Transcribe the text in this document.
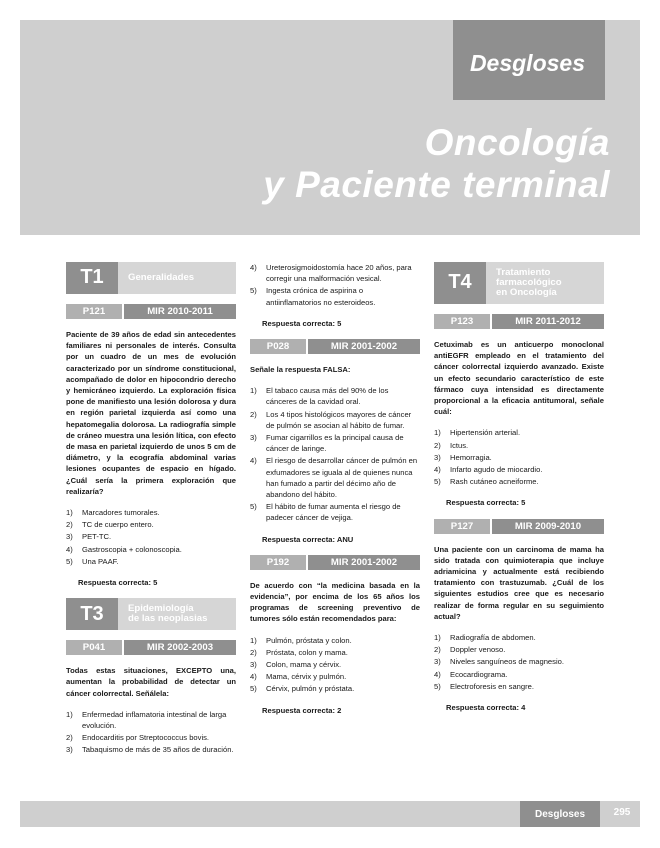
Desgloses
Oncología
y Paciente terminal
T1	Generalidades
P121	MIR 2010-2011

Paciente de 39 años de edad sin antecedentes familiares ni personales de interés. Consulta por un cuadro de un mes de evolución caracterizado por un síndrome constitucional, acompañado de dolor en hipocondrio derecho y hemicráneo izquierdo. La exploración física pone de manifiesto una lesión dolorosa y dura en región parietal izquierda así como una hepatomegalia dolorosa. La radiografía simple de cráneo muestra una lesión lítica, con efecto de masa en parietal izquierdo de unos 5 cm de diámetro, y la ecografía abdominal varias lesiones ocupantes de espacio en hígado. ¿Cuál sería la primera exploración que realizaría?

1)	Marcadores tumorales.
2)	TC de cuerpo entero.
3)	PET-TC.
4)	Gastroscopia + colonoscopia.
5)	Una PAAF.
Respuesta correcta: 5
T3	Epidemiología
de las neoplasias
P041	MIR 2002-2003

Todas estas situaciones, EXCEPTO una, aumentan la probabilidad de detectar un cáncer colorrectal. Señálela:

1)	Enfermedad inflamatoria intestinal de larga evolución.
2)	Endocarditis por Streptococcus bovis.
3)	Tabaquismo de más de 35 años de duración.
4)	Ureterosigmoidostomía hace 20 años, para corregir una malformación vesical.
5)	Ingesta crónica de aspirina o antiinflamatorios no esteroideos.
Respuesta correcta: 5
P028	MIR 2001-2002

Señale la respuesta FALSA:

1)	El tabaco causa más del 90% de los cánceres de la cavidad oral.
2)	Los 4 tipos histológicos mayores de cáncer de pulmón se asocian al hábito de fumar.
3)	Fumar cigarrillos es la principal causa de cáncer de laringe.
4)	El riesgo de desarrollar cáncer de pulmón en exfumadores se iguala al de quienes nunca han fumado a partir del décimo año de abandono del hábito.
5)	El hábito de fumar aumenta el riesgo de padecer cáncer de vejiga.
Respuesta correcta: ANU
P192	MIR 2001-2002

De acuerdo con “la medicina basada en la evidencia”, por encima de los 65 años los programas de screening preventivo de tumores sólo están recomendados para:

1)	Pulmón, próstata y colon.
2)	Próstata, colon y mama.
3)	Colon, mama y cérvix.
4)	Mama, cérvix y pulmón.
5)	Cérvix, pulmón y próstata.
Respuesta correcta: 2
T4	Tratamiento
farmacológico
en Oncología
P123	MIR 2011-2012

Cetuximab es un anticuerpo monoclonal antiEGFR empleado en el tratamiento del cáncer colorrectal izquierdo avanzado. Existe un efecto secundario característico de este fármaco cuya intensidad es directamente proporcional a la eficacia antitumoral, señale cuál:

1)	Hipertensión arterial.
2)	Ictus.
3)	Hemorragia.
4)	Infarto agudo de miocardio.
5)	Rash cutáneo acneiforme.
Respuesta correcta: 5
P127	MIR 2009-2010

Una paciente con un carcinoma de mama ha sido tratada con quimioterapia que incluye adriamicina y actualmente está recibiendo tratamiento con trastuzumab. ¿Cuál de los siguientes estudios cree que es necesario realizar de forma regular en su seguimiento actual?

1)	Radiografía de abdomen.
2)	Doppler venoso.
3)	Niveles sanguíneos de magnesio.
4)	Ecocardiograma.
5)	Electroforesis en sangre.
Respuesta correcta: 4
Desgloses	295
